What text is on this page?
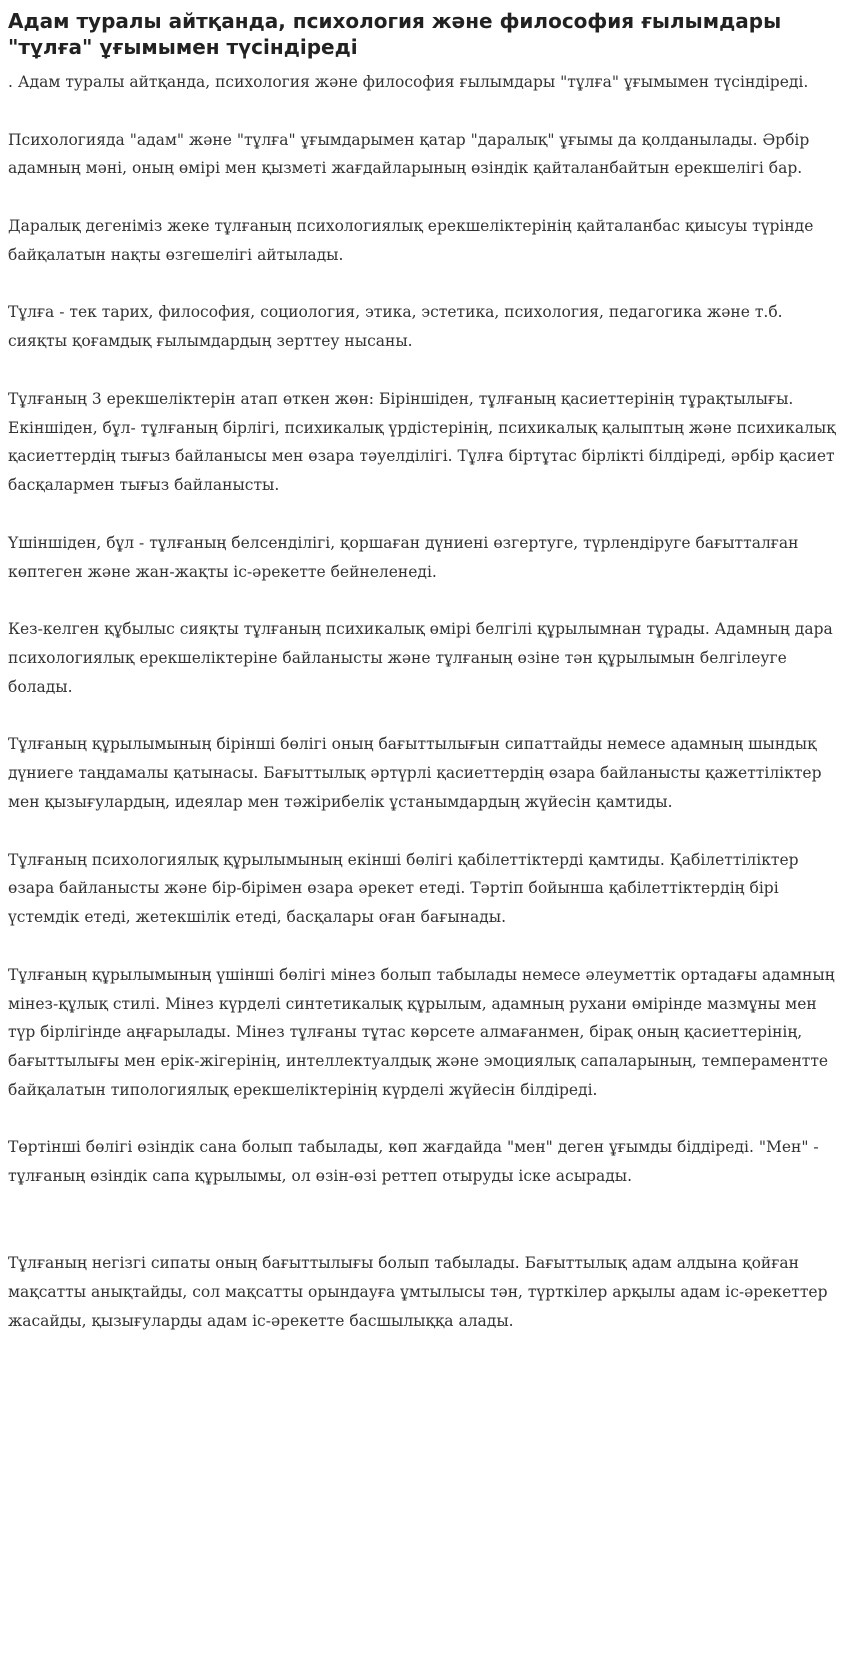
Адам туралы айтқанда, психология және философия ғылымдары "тұлға" ұғымымен түсіндіреді

. Адам туралы айтқанда, психология және философия ғылымдары "тұлға" ұғымымен түсіндіреді.

Психологияда "адам" және "тұлға" ұғымдарымен қатар "даралық" ұғымы да қолданылады. Әрбір адамның мәні, оның өмірі мен қызметі жағдайларының өзіндік қайталанбайтын ерекшелігі бар.

Даралық дегеніміз жеке тұлғаның психологиялық ерекшеліктерінің қайталанбас қиысуы түрінде байқалатын нақты өзгешелігі айтылады.

Тұлға - тек тарих, философия, социология, этика, эстетика, психология, педагогика және т.б. сияқты қоғамдық ғылымдардың зерттеу нысаны.

Тұлғаның 3 ерекшеліктерін атап өткен жөн: Біріншіден, тұлғаның қасиеттерінің тұрақтылығы. Екіншіден, бұл- тұлғаның бірлігі, психикалық үрдістерінің, психикалық қалыптың және психикалық қасиеттердің тығыз байланысы мен өзара тәуелділігі. Тұлға біртұтас бірлікті білдіреді, әрбір қасиет басқалармен тығыз байланысты.

Үшіншіден, бұл - тұлғаның белсенділігі, қоршаған дүниені өзгертуге, түрлендіруге бағытталған көптеген және жан-жақты іс-әрекетте бейнеленеді.

Кез-келген құбылыс сияқты тұлғаның психикалық өмірі белгілі құрылымнан тұрады. Адамның дара психологиялық ерекшеліктеріне байланысты және тұлғаның өзіне тән құрылымын белгілеуге болады.

Тұлғаның құрылымының бірінші бөлігі оның бағыттылығын сипаттайды немесе адамның шындық дүниеге таңдамалы қатынасы. Бағыттылық әртүрлі қасиеттердің өзара байланысты қажеттіліктер мен қызығулардың, идеялар мен тәжірибелік ұстанымдардың жүйесін қамтиды.

Тұлғаның психологиялық құрылымының екінші бөлігі қабілеттіктерді қамтиды. Қабілеттіліктер өзара байланысты және бір-бірімен өзара әрекет етеді. Тәртіп бойынша қабілеттіктердің бірі үстемдік етеді, жетекшілік етеді, басқалары оған бағынады.

Тұлғаның құрылымының үшінші бөлігі мінез болып табылады немесе әлеуметтік ортадағы адамның мінез-құлық стилі. Мінез күрделі синтетикалық құрылым, адамның рухани өмірінде мазмұны мен түр бірлігінде аңғарылады. Мінез тұлғаны тұтас көрсете алмағанмен, бірақ оның қасиеттерінің, бағыттылығы мен ерік-жігерінің, интеллектуалдық және эмоциялық сапаларының, темпераментте байқалатын типологиялық ерекшеліктерінің күрделі жүйесін білдіреді.

Төртінші бөлігі өзіндік сана болып табылады, көп жағдайда "мен" деген ұғымды біддіреді. "Мен" - тұлғаның өзіндік сапа құрылымы, ол өзін-өзі реттеп отыруды іске асырады.

Тұлғаның негізгі сипаты оның бағыттылығы болып табылады. Бағыттылық адам алдына қойған мақсатты анықтайды, сол мақсатты орындауға ұмтылысы тән, түрткілер арқылы адам іс-әрекеттер жасайды, қызығуларды адам іс-әрекетте басшылыққа алады.
